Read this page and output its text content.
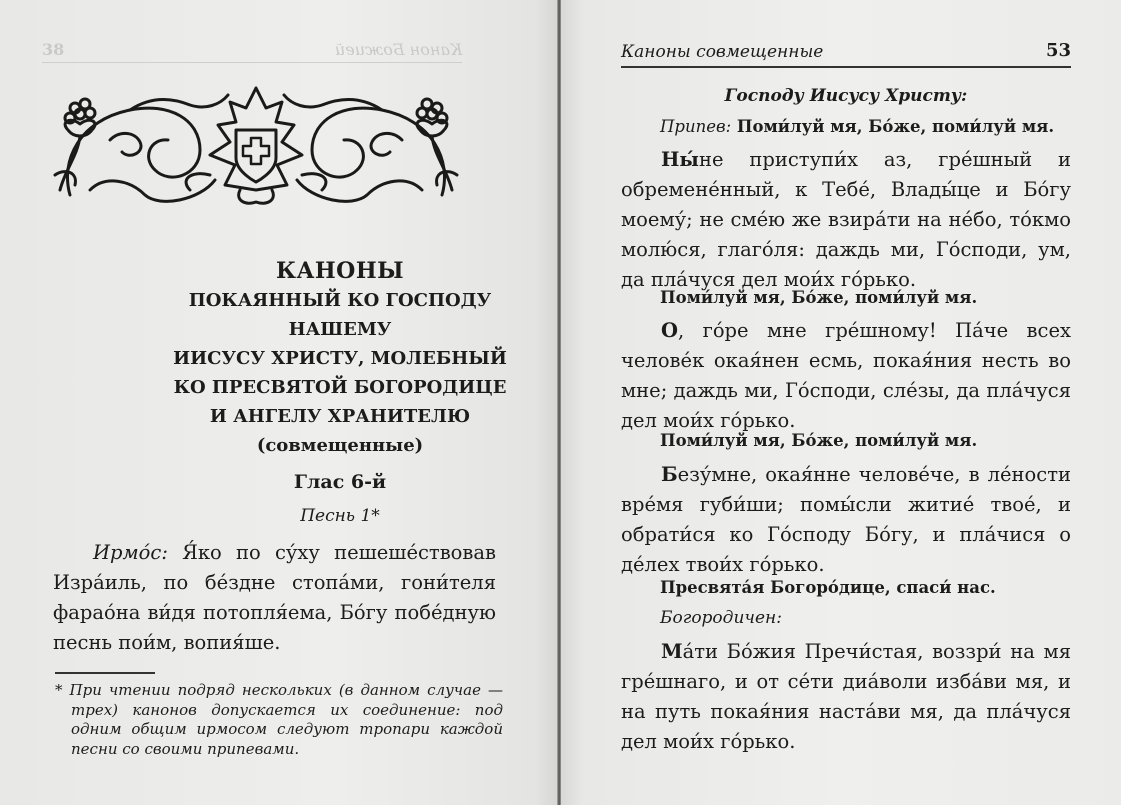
38	Канон Божией
КАНОНЫ
ПОКАЯННЫЙ КО ГОСПОДУ НАШЕМУ
ИИСУСУ ХРИСТУ, МОЛЕБНЫЙ
КО ПРЕСВЯТОЙ БОГОРОДИЦЕ
И АНГЕЛУ ХРАНИТЕЛЮ
(совмещенные)
Глас 6-й
Песнь 1*
Ирмо́с: Я́ко по су́ху пешеше́ствовав Изра́иль, по бе́здне стопа́ми, гони́теля фарао́на ви́дя потопля́ема, Бо́гу побе́дную песнь пои́м, вопия́ше.
* При чтении подряд нескольких (в данном случае — трех) канонов допускается их соединение: под одним общим ирмосом следуют тропари каждой песни со своими припевами.
Каноны совмещенные	53
Господу Иисусу Христу:
Припев: Поми́луй мя, Бо́же, поми́луй мя.
Ны́не приступи́х аз, гре́шный и обремене́нный, к Тебе́, Влады́це и Бо́гу моему́; не сме́ю же взира́ти на не́бо, то́кмо молю́ся, глаго́ля: даждь ми, Го́споди, ум, да пла́чуся дел мои́х го́рько.
Поми́луй мя, Бо́же, поми́луй мя.
О, го́ре мне гре́шному! Па́че всех челове́к окая́нен есмь, покая́ния несть во мне; даждь ми, Го́споди, сле́зы, да пла́чуся дел мои́х го́рько.
Поми́луй мя, Бо́же, поми́луй мя.
Безу́мне, окая́нне челове́че, в ле́ности вре́мя губи́ши; помы́сли житие́ твое́, и обрати́ся ко Го́споду Бо́гу, и пла́чися о де́лех твои́х го́рько.
Пресвята́я Богоро́дице, спаси́ нас.
Богородичен:
Ма́ти Бо́жия Пречи́стая, воззри́ на мя гре́шнаго, и от се́ти диа́воли изба́ви мя, и на путь покая́ния наста́ви мя, да пла́чуся дел мои́х го́рько.
